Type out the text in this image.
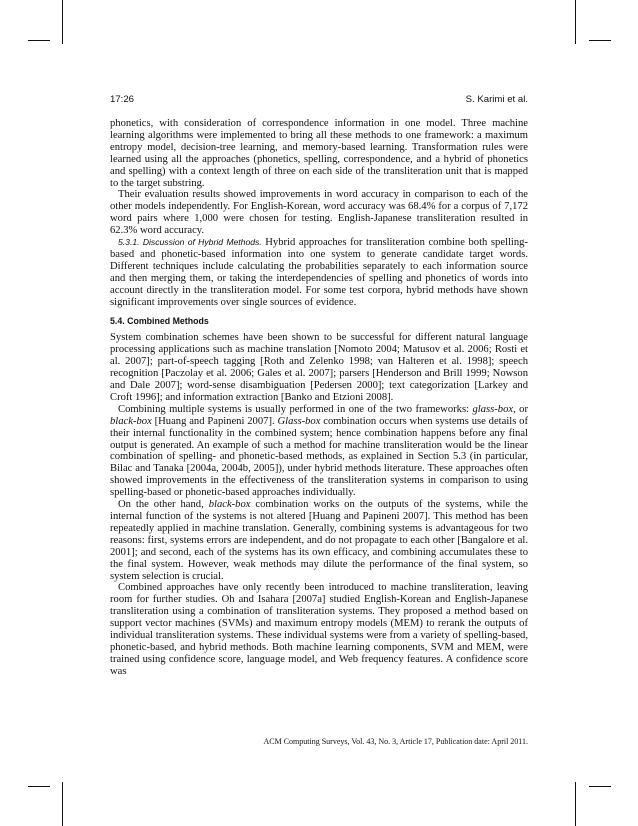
17:26	S. Karimi et al.

phonetics, with consideration of correspondence information in one model. Three machine learning algorithms were implemented to bring all these methods to one framework: a maximum entropy model, decision-tree learning, and memory-based learning. Transformation rules were learned using all the approaches (phonetics, spelling, correspondence, and a hybrid of phonetics and spelling) with a context length of three on each side of the transliteration unit that is mapped to the target substring.

Their evaluation results showed improvements in word accuracy in comparison to each of the other models independently. For English-Korean, word accuracy was 68.4% for a corpus of 7,172 word pairs where 1,000 were chosen for testing. English-Japanese transliteration resulted in 62.3% word accuracy.

5.3.1. Discussion of Hybrid Methods. Hybrid approaches for transliteration combine both spelling-based and phonetic-based information into one system to generate candidate target words. Different techniques include calculating the probabilities separately to each information source and then merging them, or taking the interdependencies of spelling and phonetics of words into account directly in the transliteration model. For some test corpora, hybrid methods have shown significant improvements over single sources of evidence.

5.4. Combined Methods

System combination schemes have been shown to be successful for different natural language processing applications such as machine translation [Nomoto 2004; Matusov et al. 2006; Rosti et al. 2007]; part-of-speech tagging [Roth and Zelenko 1998; van Halteren et al. 1998]; speech recognition [Paczolay et al. 2006; Gales et al. 2007]; parsers [Henderson and Brill 1999; Nowson and Dale 2007]; word-sense disambiguation [Pedersen 2000]; text categorization [Larkey and Croft 1996]; and information extraction [Banko and Etzioni 2008].

Combining multiple systems is usually performed in one of the two frameworks: glass-box, or black-box [Huang and Papineni 2007]. Glass-box combination occurs when systems use details of their internal functionality in the combined system; hence combination happens before any final output is generated. An example of such a method for machine transliteration would be the linear combination of spelling- and phonetic-based methods, as explained in Section 5.3 (in particular, Bilac and Tanaka [2004a, 2004b, 2005]), under hybrid methods literature. These approaches often showed improvements in the effectiveness of the transliteration systems in comparison to using spelling-based or phonetic-based approaches individually.

On the other hand, black-box combination works on the outputs of the systems, while the internal function of the systems is not altered [Huang and Papineni 2007]. This method has been repeatedly applied in machine translation. Generally, combining systems is advantageous for two reasons: first, systems errors are independent, and do not propagate to each other [Bangalore et al. 2001]; and second, each of the systems has its own efficacy, and combining accumulates these to the final system. However, weak methods may dilute the performance of the final system, so system selection is crucial.

Combined approaches have only recently been introduced to machine transliteration, leaving room for further studies. Oh and Isahara [2007a] studied English-Korean and English-Japanese transliteration using a combination of transliteration systems. They proposed a method based on support vector machines (SVMs) and maximum entropy models (MEM) to rerank the outputs of individual transliteration systems. These individual systems were from a variety of spelling-based, phonetic-based, and hybrid methods. Both machine learning components, SVM and MEM, were trained using confidence score, language model, and Web frequency features. A confidence score was

ACM Computing Surveys, Vol. 43, No. 3, Article 17, Publication date: April 2011.
